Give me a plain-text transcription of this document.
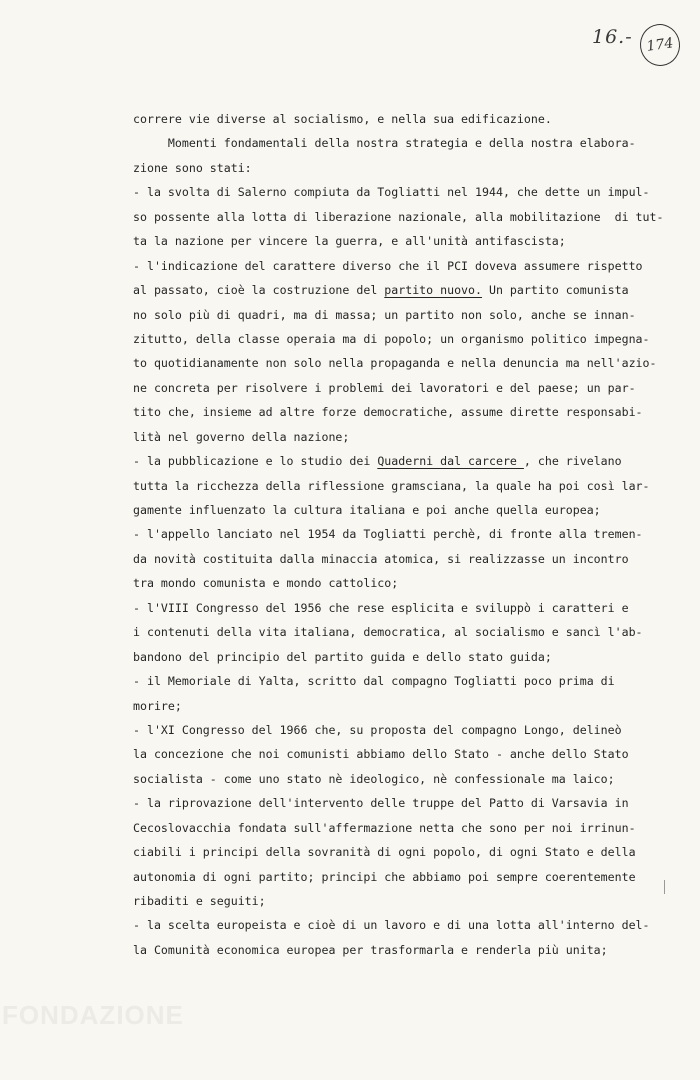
16.- 174
correre vie diverse al socialismo, e nella sua edificazione.
Momenti fondamentali della nostra strategia e della nostra elabora-
zione sono stati:
- la svolta di Salerno compiuta da Togliatti nel 1944, che dette un impul-
so possente alla lotta di liberazione nazionale, alla mobilitazione  di tut-
ta la nazione per vincere la guerra, e all'unità antifascista;
- l'indicazione del carattere diverso che il PCI doveva assumere rispetto
al passato, cioè la costruzione del partito nuovo. Un partito comunista
no solo più di quadri, ma di massa; un partito non solo, anche se innan-
zitutto, della classe operaia ma di popolo; un organismo politico impegna-
to quotidianamente non solo nella propaganda e nella denuncia ma nell'azio-
ne concreta per risolvere i problemi dei lavoratori e del paese; un par-
tito che, insieme ad altre forze democratiche, assume dirette responsabi-
lità nel governo della nazione;
- la pubblicazione e lo studio dei Quaderni dal carcere , che rivelano
tutta la ricchezza della riflessione gramsciana, la quale ha poi così lar-
gamente influenzato la cultura italiana e poi anche quella europea;
- l'appello lanciato nel 1954 da Togliatti perchè, di fronte alla tremen-
da novità costituita dalla minaccia atomica, si realizzasse un incontro
tra mondo comunista e mondo cattolico;
- l'VIII Congresso del 1956 che rese esplicita e sviluppò i caratteri e
i contenuti della vita italiana, democratica, al socialismo e sancì l'ab-
bandono del principio del partito guida e dello stato guida;
- il Memoriale di Yalta, scritto dal compagno Togliatti poco prima di
morire;
- l'XI Congresso del 1966 che, su proposta del compagno Longo, delineò
la concezione che noi comunisti abbiamo dello Stato - anche dello Stato
socialista - come uno stato nè ideologico, nè confessionale ma laico;
- la riprovazione dell'intervento delle truppe del Patto di Varsavia in
Cecoslovacchia fondata sull'affermazione netta che sono per noi irrinun-
ciabili i principi della sovranità di ogni popolo, di ogni Stato e della
autonomia di ogni partito; principi che abbiamo poi sempre coerentemente
ribaditi e seguiti;
- la scelta europeista e cioè di un lavoro e di una lotta all'interno del-
la Comunità economica europea per trasformarla e renderla più unita;
FONDAZIONE
